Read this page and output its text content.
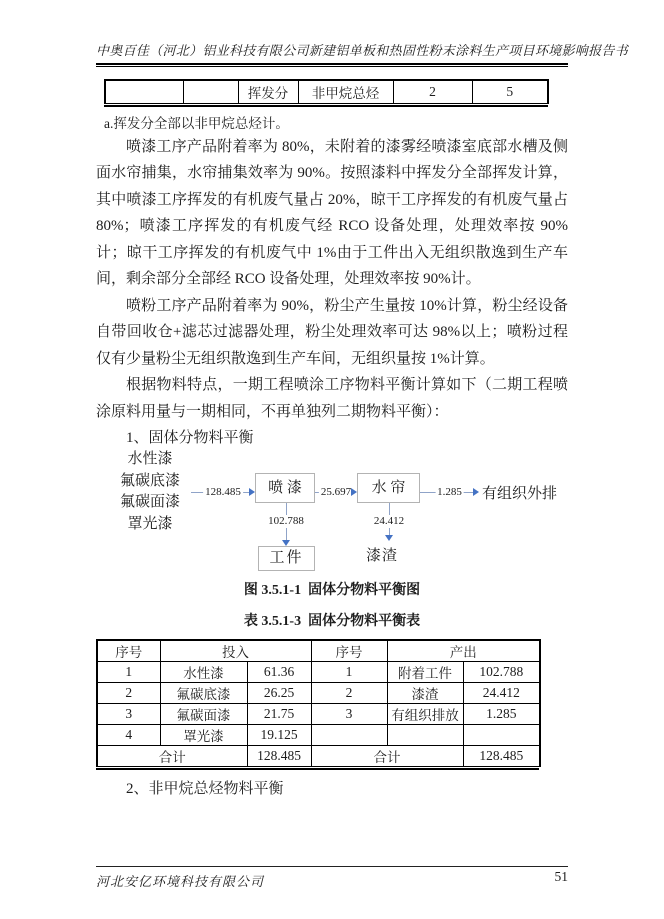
中奥百佳（河北）铝业科技有限公司新建铝单板和热固性粉末涂料生产项目环境影响报告书
		挥发分	非甲烷总烃	2	5
a.挥发分全部以非甲烷总烃计。

喷漆工序产品附着率为 80%，未附着的漆雾经喷漆室底部水槽及侧面水帘捕集，水帘捕集效率为 90%。按照漆料中挥发分全部挥发计算，其中喷漆工序挥发的有机废气量占 20%，晾干工序挥发的有机废气量占 80%；喷漆工序挥发的有机废气经 RCO 设备处理，处理效率按 90%计；晾干工序挥发的有机废气中 1%由于工件出入无组织散逸到生产车间，剩余部分全部经 RCO 设备处理，处理效率按 90%计。

喷粉工序产品附着率为 90%，粉尘产生量按 10%计算，粉尘经设备自带回收仓+滤芯过滤器处理，粉尘处理效率可达 98%以上；喷粉过程仅有少量粉尘无组织散逸到生产车间，无组织量按 1%计算。

根据物料特点，一期工程喷涂工序物料平衡计算如下（二期工程喷涂原料用量与一期相同，不再单独列二期物料平衡）：

1、固体分物料平衡
水性漆
氟碳底漆
氟碳面漆
罩光漆
128.485	喷 漆	25.697	水 帘	1.285 有组织外排
102.788
工件
24.412
漆渣
图 3.5.1-1  固体分物料平衡图
表 3.5.1-3  固体分物料平衡表
序号	投入		序号	产出	
1	水性漆	61.36	1	附着工件	102.788
2	氟碳底漆	26.25	2	漆渣	24.412
3	氟碳面漆	21.75	3	有组织排放	1.285
4	罩光漆	19.125			
合计		128.485	合计		128.485
2、非甲烷总烃物料平衡
河北安亿环境科技有限公司	51
